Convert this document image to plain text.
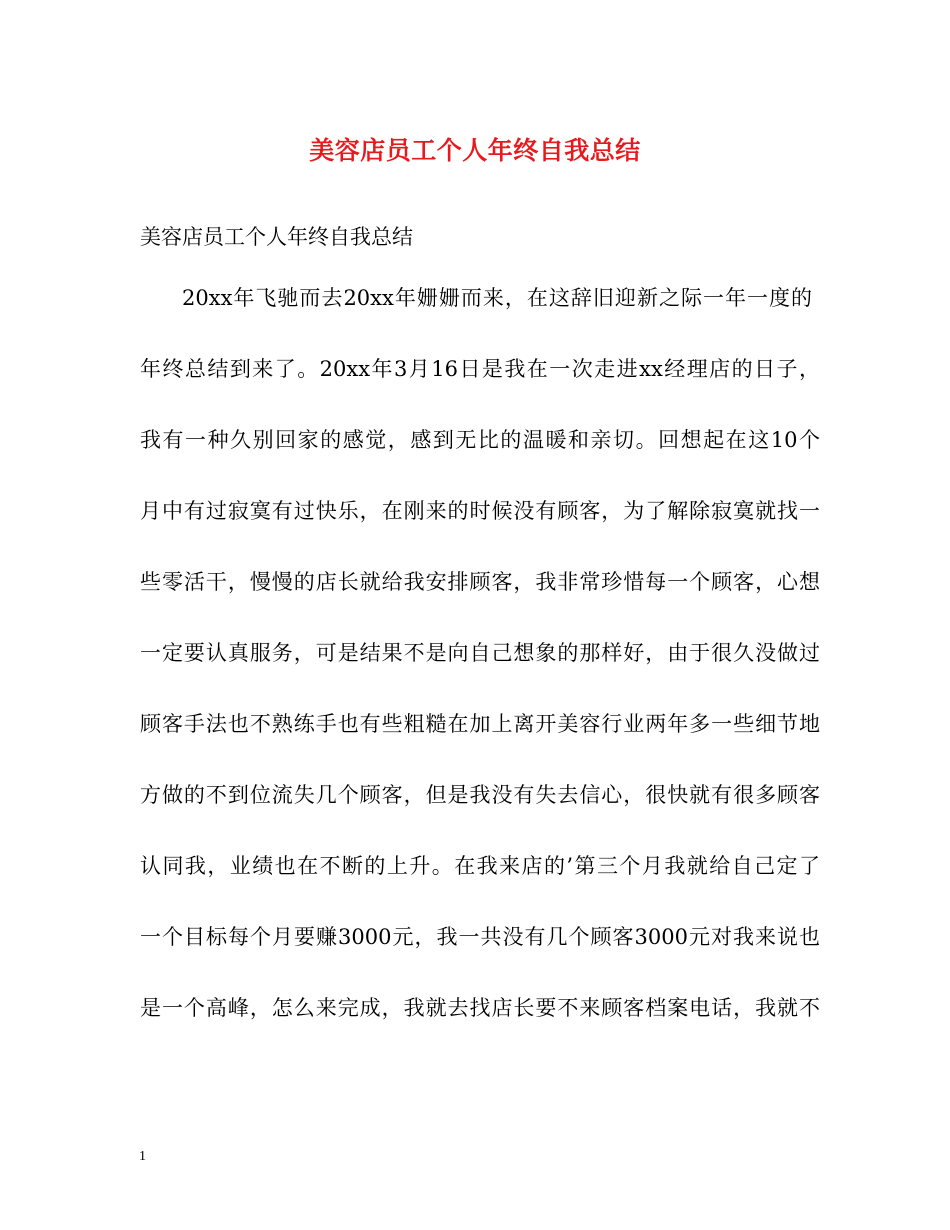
美容店员工个人年终自我总结

美容店员工个人年终自我总结

20xx年飞驰而去20xx年姗姗而来，在这辞旧迎新之际一年一度的

年终总结到来了。20xx年3月16日是我在一次走进xx经理店的日子，

我有一种久别回家的感觉，感到无比的温暖和亲切。回想起在这10个

月中有过寂寞有过快乐，在刚来的时候没有顾客，为了解除寂寞就找一

些零活干，慢慢的店长就给我安排顾客，我非常珍惜每一个顾客，心想

一定要认真服务，可是结果不是向自己想象的那样好，由于很久没做过

顾客手法也不熟练手也有些粗糙在加上离开美容行业两年多一些细节地

方做的不到位流失几个顾客，但是我没有失去信心，很快就有很多顾客

认同我，业绩也在不断的上升。在我来店的’第三个月我就给自己定了

一个目标每个月要赚3000元，我一共没有几个顾客3000元对我来说也

是一个高峰，怎么来完成，我就去找店长要不来顾客档案电话，我就不

1
